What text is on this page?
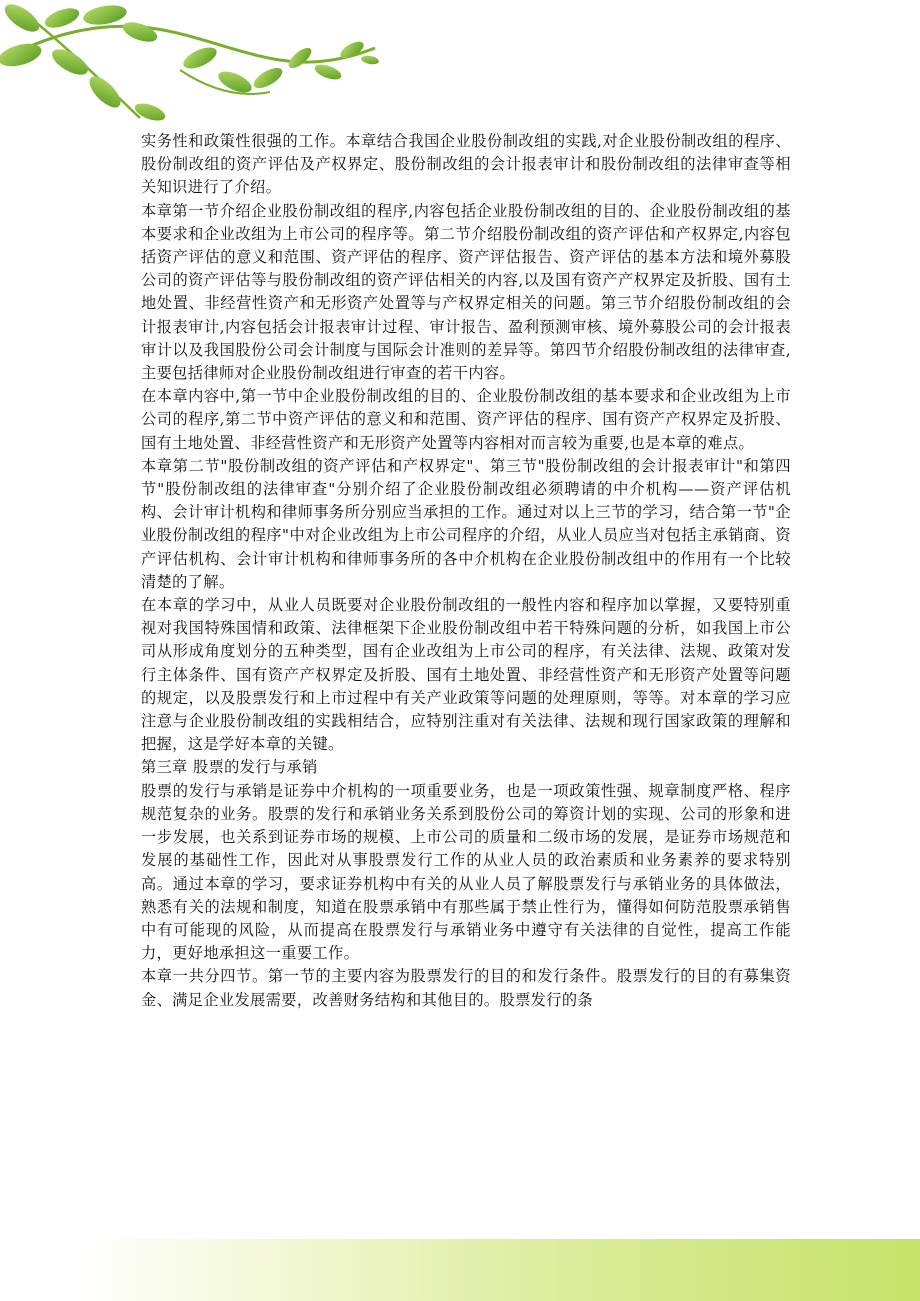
实务性和政策性很强的工作。本章结合我国企业股份制改组的实践,对企业股份制改组的程序、股份制改组的资产评估及产权界定、股份制改组的会计报表审计和股份制改组的法律审查等相关知识进行了介绍。

本章第一节介绍企业股份制改组的程序,内容包括企业股份制改组的目的、企业股份制改组的基本要求和企业改组为上市公司的程序等。第二节介绍股份制改组的资产评估和产权界定,内容包括资产评估的意义和范围、资产评估的程序、资产评估报告、资产评估的基本方法和境外募股公司的资产评估等与股份制改组的资产评估相关的内容,以及国有资产产权界定及折股、国有土地处置、非经营性资产和无形资产处置等与产权界定相关的问题。第三节介绍股份制改组的会计报表审计,内容包括会计报表审计过程、审计报告、盈利预测审核、境外募股公司的会计报表审计以及我国股份公司会计制度与国际会计准则的差异等。第四节介绍股份制改组的法律审查,主要包括律师对企业股份制改组进行审查的若干内容。

在本章内容中,第一节中企业股份制改组的目的、企业股份制改组的基本要求和企业改组为上市公司的程序,第二节中资产评估的意义和和范围、资产评估的程序、国有资产产权界定及折股、国有土地处置、非经营性资产和无形资产处置等内容相对而言较为重要,也是本章的难点。

本章第二节"股份制改组的资产评估和产权界定"、第三节"股份制改组的会计报表审计"和第四节"股份制改组的法律审查"分别介绍了企业股份制改组必须聘请的中介机构——资产评估机构、会计审计机构和律师事务所分别应当承担的工作。通过对以上三节的学习，结合第一节"企业股份制改组的程序"中对企业改组为上市公司程序的介绍，从业人员应当对包括主承销商、资产评估机构、会计审计机构和律师事务所的各中介机构在企业股份制改组中的作用有一个比较清楚的了解。

在本章的学习中，从业人员既要对企业股份制改组的一般性内容和程序加以掌握，又要特别重视对我国特殊国情和政策、法律框架下企业股份制改组中若干特殊问题的分析，如我国上市公司从形成角度划分的五种类型，国有企业改组为上市公司的程序，有关法律、法规、政策对发行主体条件、国有资产产权界定及折股、国有土地处置、非经营性资产和无形资产处置等问题的规定，以及股票发行和上市过程中有关产业政策等问题的处理原则，等等。对本章的学习应注意与企业股份制改组的实践相结合，应特别注重对有关法律、法规和现行国家政策的理解和把握，这是学好本章的关键。

第三章 股票的发行与承销

股票的发行与承销是证券中介机构的一项重要业务，也是一项政策性强、规章制度严格、程序规范复杂的业务。股票的发行和承销业务关系到股份公司的筹资计划的实现、公司的形象和进一步发展，也关系到证券市场的规模、上市公司的质量和二级市场的发展，是证券市场规范和发展的基础性工作，因此对从事股票发行工作的从业人员的政治素质和业务素养的要求特别高。通过本章的学习，要求证券机构中有关的从业人员了解股票发行与承销业务的具体做法，熟悉有关的法规和制度，知道在股票承销中有那些属于禁止性行为，懂得如何防范股票承销售中有可能现的风险，从而提高在股票发行与承销业务中遵守有关法律的自觉性，提高工作能力，更好地承担这一重要工作。

本章一共分四节。第一节的主要内容为股票发行的目的和发行条件。股票发行的目的有募集资金、满足企业发展需要，改善财务结构和其他目的。股票发行的条
